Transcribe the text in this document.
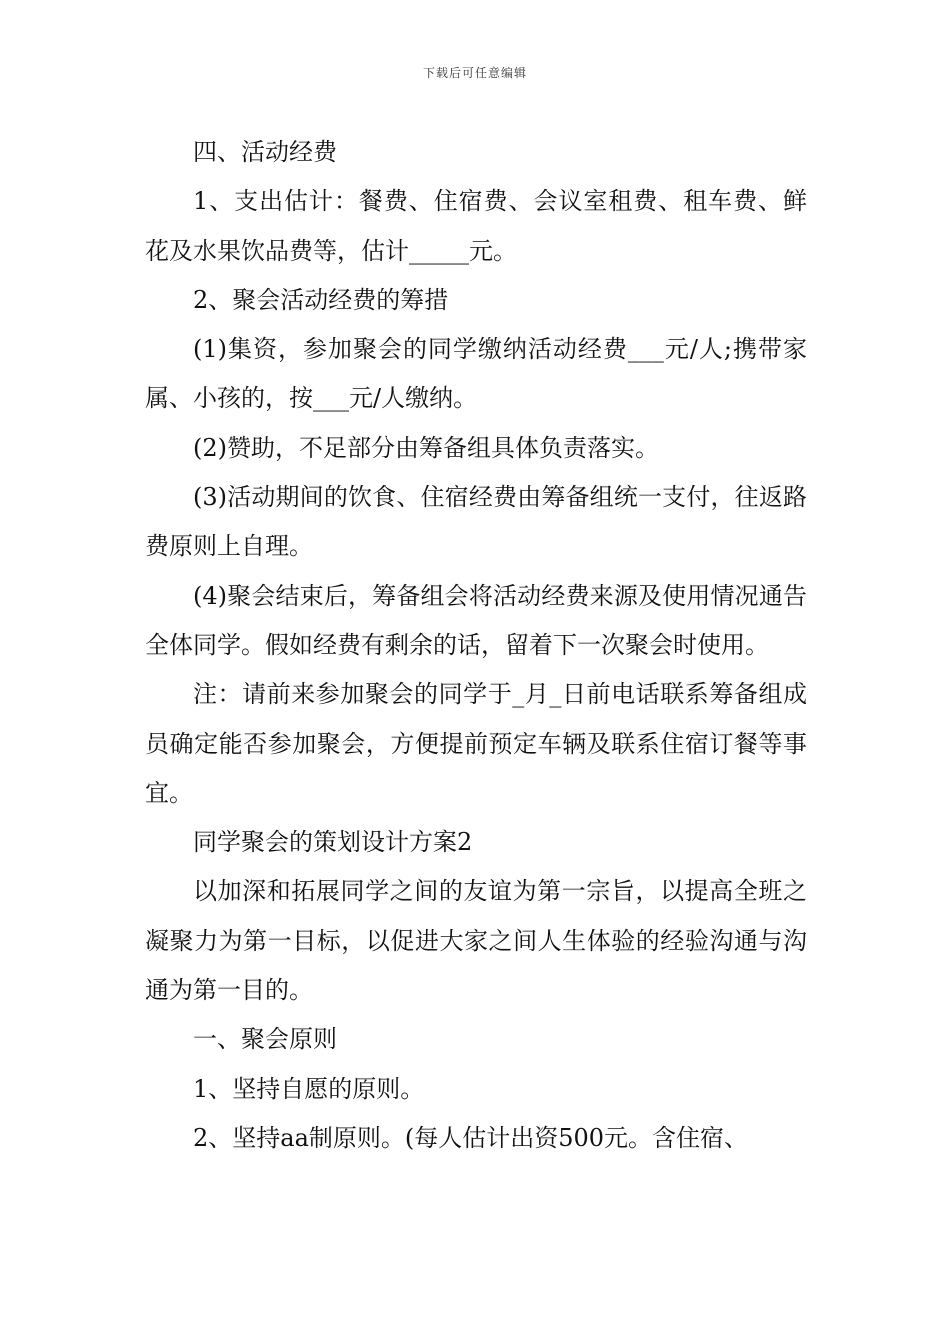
下载后可任意编辑

四、活动经费

1、支出估计：餐费、住宿费、会议室租费、租车费、鲜花及水果饮品费等，估计_____元。

2、聚会活动经费的筹措

(1)集资，参加聚会的同学缴纳活动经费___元/人;携带家属、小孩的，按___元/人缴纳。

(2)赞助，不足部分由筹备组具体负责落实。

(3)活动期间的饮食、住宿经费由筹备组统一支付，往返路费原则上自理。

(4)聚会结束后，筹备组会将活动经费来源及使用情况通告全体同学。假如经费有剩余的话，留着下一次聚会时使用。

注：请前来参加聚会的同学于_月_日前电话联系筹备组成员确定能否参加聚会，方便提前预定车辆及联系住宿订餐等事宜。

同学聚会的策划设计方案2

以加深和拓展同学之间的友谊为第一宗旨，以提高全班之凝聚力为第一目标，以促进大家之间人生体验的经验沟通与沟通为第一目的。

一、聚会原则

1、坚持自愿的原则。

2、坚持aa制原则。(每人估计出资500元。含住宿、
